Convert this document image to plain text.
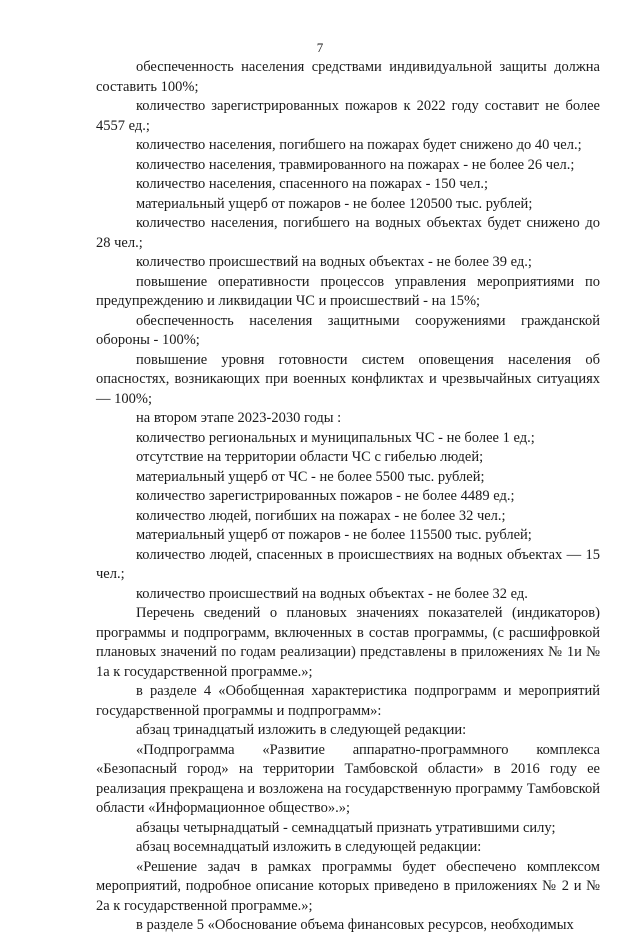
7

обеспеченность населения средствами индивидуальной защиты должна составить 100%;

количество зарегистрированных пожаров к 2022 году составит не более 4557 ед.;

количество населения, погибшего на пожарах будет снижено до 40 чел.;

количество населения, травмированного на пожарах - не более 26 чел.;

количество населения, спасенного на пожарах - 150 чел.;

материальный ущерб от пожаров - не более 120500 тыс. рублей;

количество населения, погибшего на водных объектах будет снижено до 28 чел.;

количество происшествий на водных объектах - не более 39 ед.;

повышение оперативности процессов управления мероприятиями по предупреждению и ликвидации ЧС и происшествий - на 15%;

обеспеченность населения защитными сооружениями гражданской обороны - 100%;

повышение уровня готовности систем оповещения населения об опасностях, возникающих при военных конфликтах и чрезвычайных ситуациях — 100%;

на втором этапе 2023-2030 годы :

количество региональных и муниципальных ЧС - не более 1 ед.;

отсутствие на территории области ЧС с гибелью людей;

материальный ущерб от ЧС - не более 5500 тыс. рублей;

количество зарегистрированных пожаров - не более 4489 ед.;

количество людей, погибших на пожарах - не более 32 чел.;

материальный ущерб от пожаров - не более 115500 тыс. рублей;

количество людей, спасенных в происшествиях на водных объектах — 15 чел.;

количество происшествий на водных объектах - не более 32 ед.

Перечень сведений о плановых значениях показателей (индикаторов) программы и подпрограмм, включенных в состав программы, (с расшифровкой плановых значений по годам реализации) представлены в приложениях № 1и № 1а к государственной программе.»;

в разделе 4 «Обобщенная характеристика подпрограмм и мероприятий государственной программы и подпрограмм»:

абзац тринадцатый изложить в следующей редакции:

«Подпрограмма «Развитие аппаратно-программного комплекса «Безопасный город» на территории Тамбовской области» в 2016 году ее реализация прекращена и возложена на государственную программу Тамбовской области «Информационное общество».»;

абзацы четырнадцатый - семнадцатый признать утратившими силу;

абзац восемнадцатый изложить в следующей редакции:

«Решение задач в рамках программы будет обеспечено комплексом мероприятий, подробное описание которых приведено в приложениях № 2 и № 2а к государственной программе.»;

в разделе 5 «Обоснование объема финансовых ресурсов, необходимых
